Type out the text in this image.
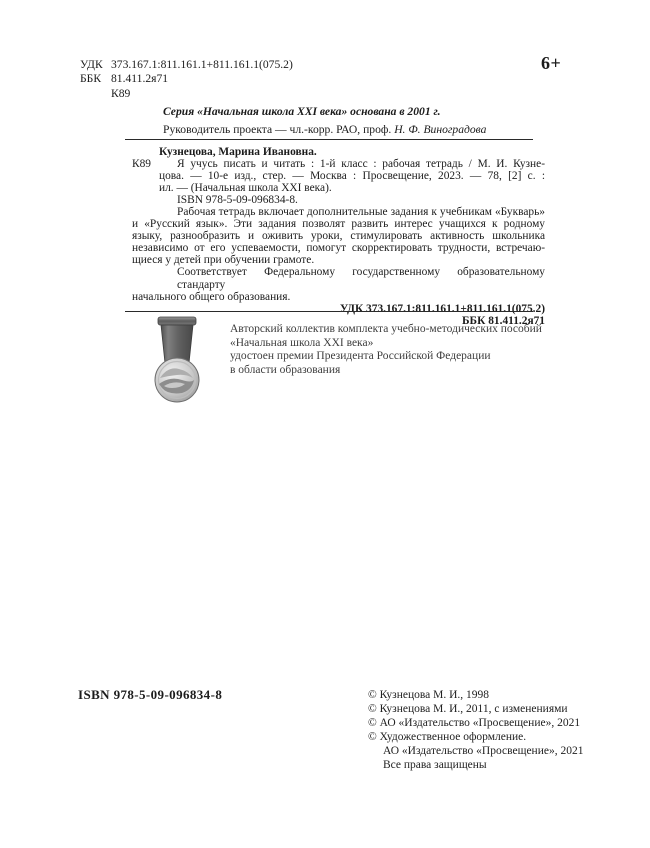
УДК 373.167.1:811.161.1+811.161.1(075.2)
ББК 81.411.2я71
К89
6+
Серия «Начальная школа XXI века» основана в 2001 г.
Руководитель проекта — чл.-корр. РАО, проф. Н. Ф. Виноградова
К89
Кузнецова, Марина Ивановна.
Я учусь писать и читать : 1-й класс : рабочая тетрадь / М. И. Кузне-
цова. — 10-е изд., стер. — Москва : Просвещение, 2023. — 78, [2] с. :
ил. — (Начальная школа XXI века).
ISBN 978-5-09-096834-8.
Рабочая тетрадь включает дополнительные задания к учебникам «Букварь»
и «Русский язык». Эти задания позволят развить интерес учащихся к родному
языку, разнообразить и оживить уроки, стимулировать активность школьника
независимо от его успеваемости, помогут скорректировать трудности, встречаю-
щиеся у детей при обучении грамоте.
Соответствует Федеральному государственному образовательному стандарту
начального общего образования.
УДК 373.167.1:811.161.1+811.161.1(075.2)
ББК 81.411.2я71
Авторский коллектив комплекта учебно-методических пособий
«Начальная школа XXI века»
удостоен премии Президента Российской Федерации
в области образования
ISBN 978-5-09-096834-8	© Кузнецова М. И., 1998
© Кузнецова М. И., 2011, с изменениями
© АО «Издательство «Просвещение», 2021
© Художественное оформление.
АО «Издательство «Просвещение», 2021
Все права защищены
